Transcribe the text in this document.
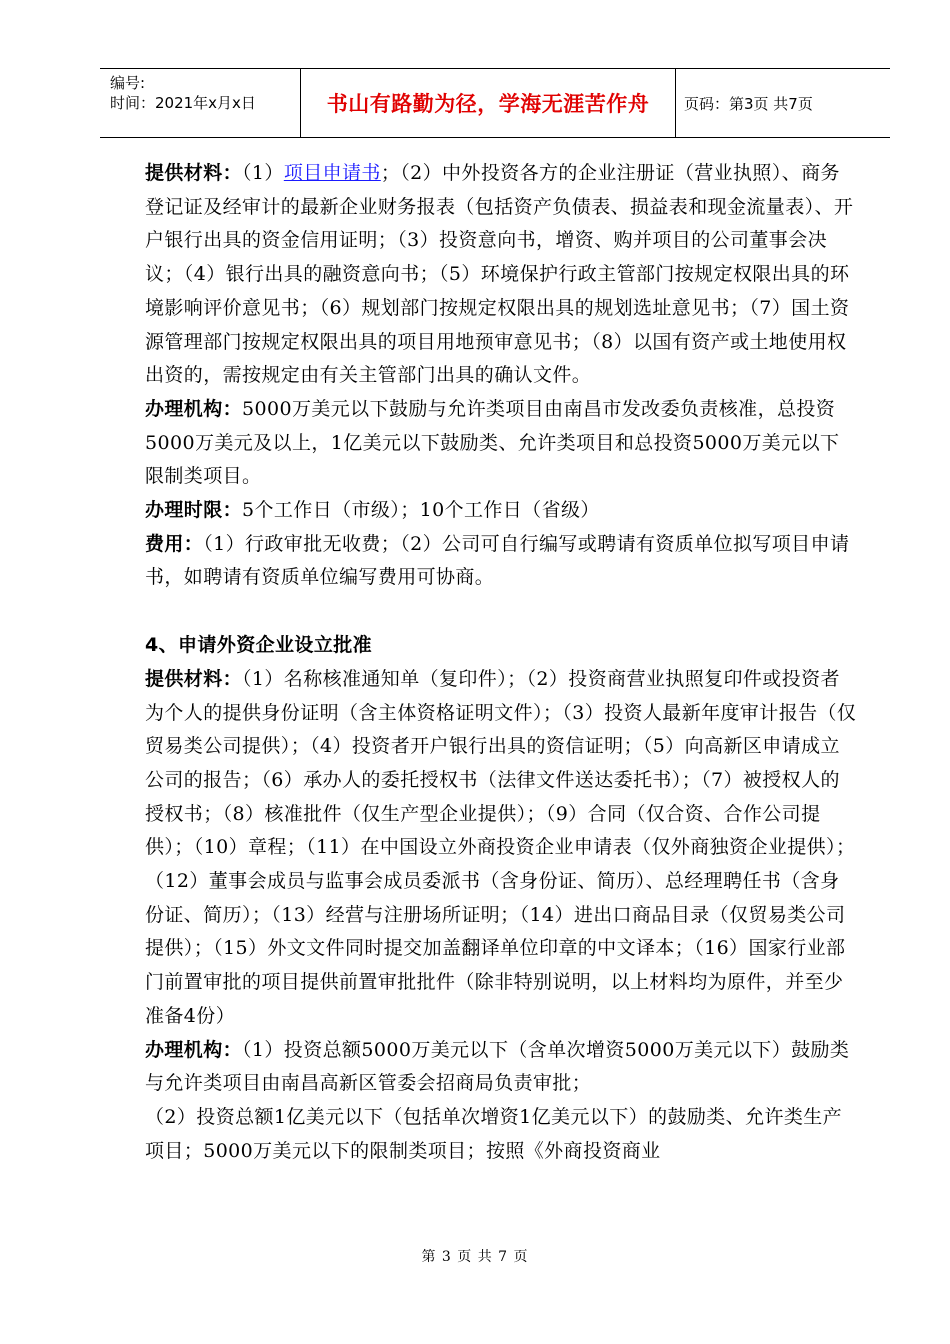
编号:
时间：2021年x月x日	书山有路勤为径，学海无涯苦作舟	页码：第3页 共7页

提供材料：（1）项目申请书；（2）中外投资各方的企业注册证（营业执照）、商务登记证及经审计的最新企业财务报表（包括资产负债表、损益表和现金流量表）、开户银行出具的资金信用证明；（3）投资意向书，增资、购并项目的公司董事会决议；（4）银行出具的融资意向书；（5）环境保护行政主管部门按规定权限出具的环境影响评价意见书；（6）规划部门按规定权限出具的规划选址意见书；（7）国土资源管理部门按规定权限出具的项目用地预审意见书；（8）以国有资产或土地使用权出资的，需按规定由有关主管部门出具的确认文件。

办理机构：5000万美元以下鼓励与允许类项目由南昌市发改委负责核准，总投资5000万美元及以上，1亿美元以下鼓励类、允许类项目和总投资5000万美元以下限制类项目。

办理时限：5个工作日（市级）；10个工作日（省级）

费用：（1）行政审批无收费；（2）公司可自行编写或聘请有资质单位拟写项目申请书，如聘请有资质单位编写费用可协商。

4、申请外资企业设立批准

提供材料：（1）名称核准通知单（复印件）；（2）投资商营业执照复印件或投资者为个人的提供身份证明（含主体资格证明文件）；（3）投资人最新年度审计报告（仅贸易类公司提供）；（4）投资者开户银行出具的资信证明；（5）向高新区申请成立公司的报告；（6）承办人的委托授权书（法律文件送达委托书）；（7）被授权人的授权书；（8）核准批件（仅生产型企业提供）；（9）合同（仅合资、合作公司提供）；（10）章程；（11）在中国设立外商投资企业申请表（仅外商独资企业提供）；（12）董事会成员与监事会成员委派书（含身份证、简历）、总经理聘任书（含身份证、简历）；（13）经营与注册场所证明；（14）进出口商品目录（仅贸易类公司提供）；（15）外文文件同时提交加盖翻译单位印章的中文译本；（16）国家行业部门前置审批的项目提供前置审批批件（除非特别说明，以上材料均为原件，并至少准备4份）

办理机构：（1）投资总额5000万美元以下（含单次增资5000万美元以下）鼓励类与允许类项目由南昌高新区管委会招商局负责审批；

（2）投资总额1亿美元以下（包括单次增资1亿美元以下）的鼓励类、允许类生产项目；5000万美元以下的限制类项目；按照《外商投资商业

第 3 页 共 7 页
